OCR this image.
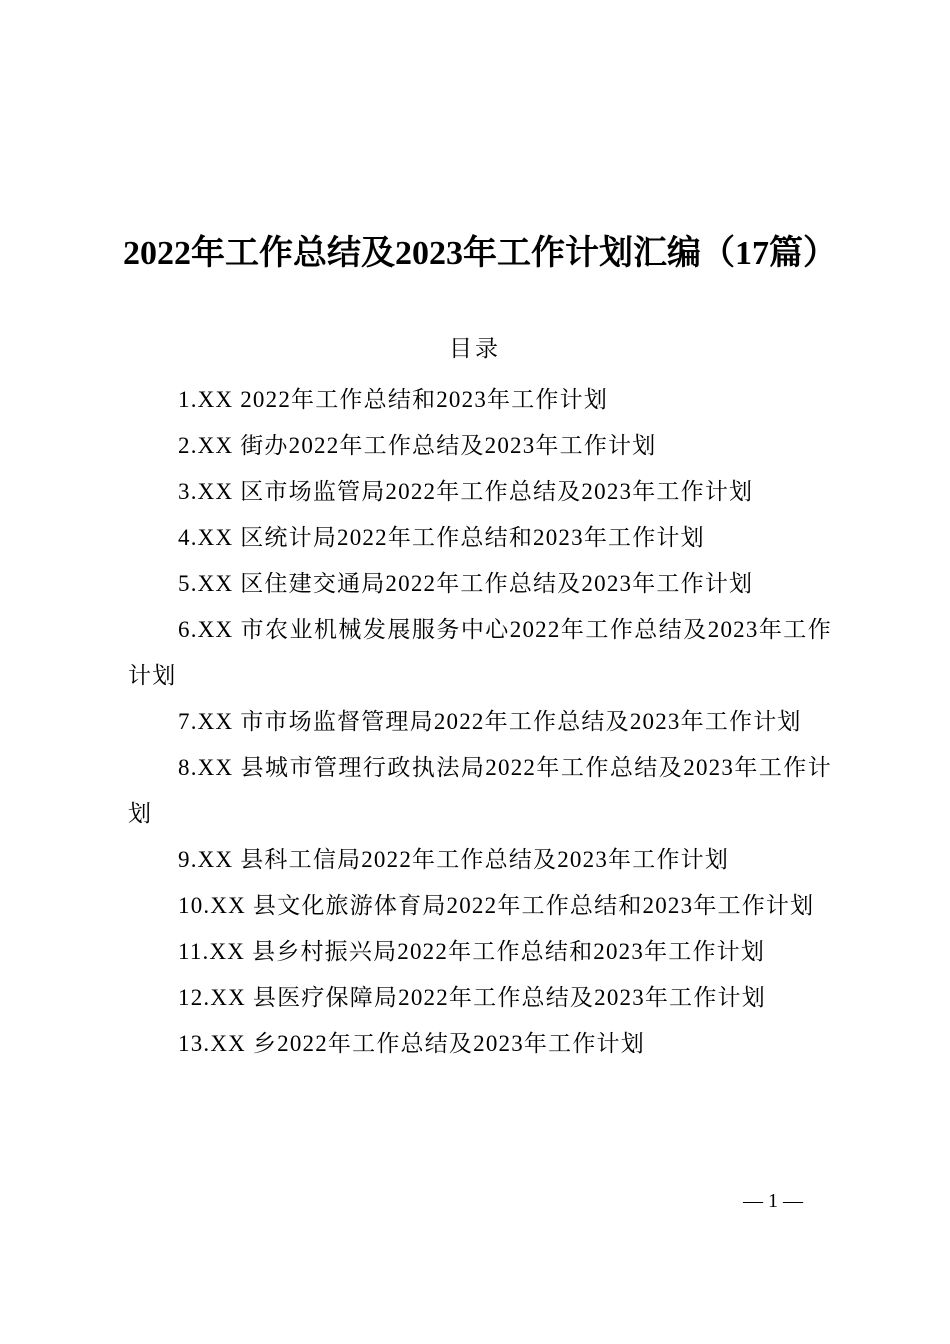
2022年工作总结及2023年工作计划汇编（17篇）
目录
1.XX 2022年工作总结和2023年工作计划
2.XX 街办2022年工作总结及2023年工作计划
3.XX 区市场监管局2022年工作总结及2023年工作计划
4.XX 区统计局2022年工作总结和2023年工作计划
5.XX 区住建交通局2022年工作总结及2023年工作计划
6.XX 市农业机械发展服务中心2022年工作总结及2023年工作计划
7.XX 市市场监督管理局2022年工作总结及2023年工作计划
8.XX 县城市管理行政执法局2022年工作总结及2023年工作计划
9.XX 县科工信局2022年工作总结及2023年工作计划
10.XX 县文化旅游体育局2022年工作总结和2023年工作计划
11.XX 县乡村振兴局2022年工作总结和2023年工作计划
12.XX 县医疗保障局2022年工作总结及2023年工作计划
13.XX 乡2022年工作总结及2023年工作计划
— 1 —
